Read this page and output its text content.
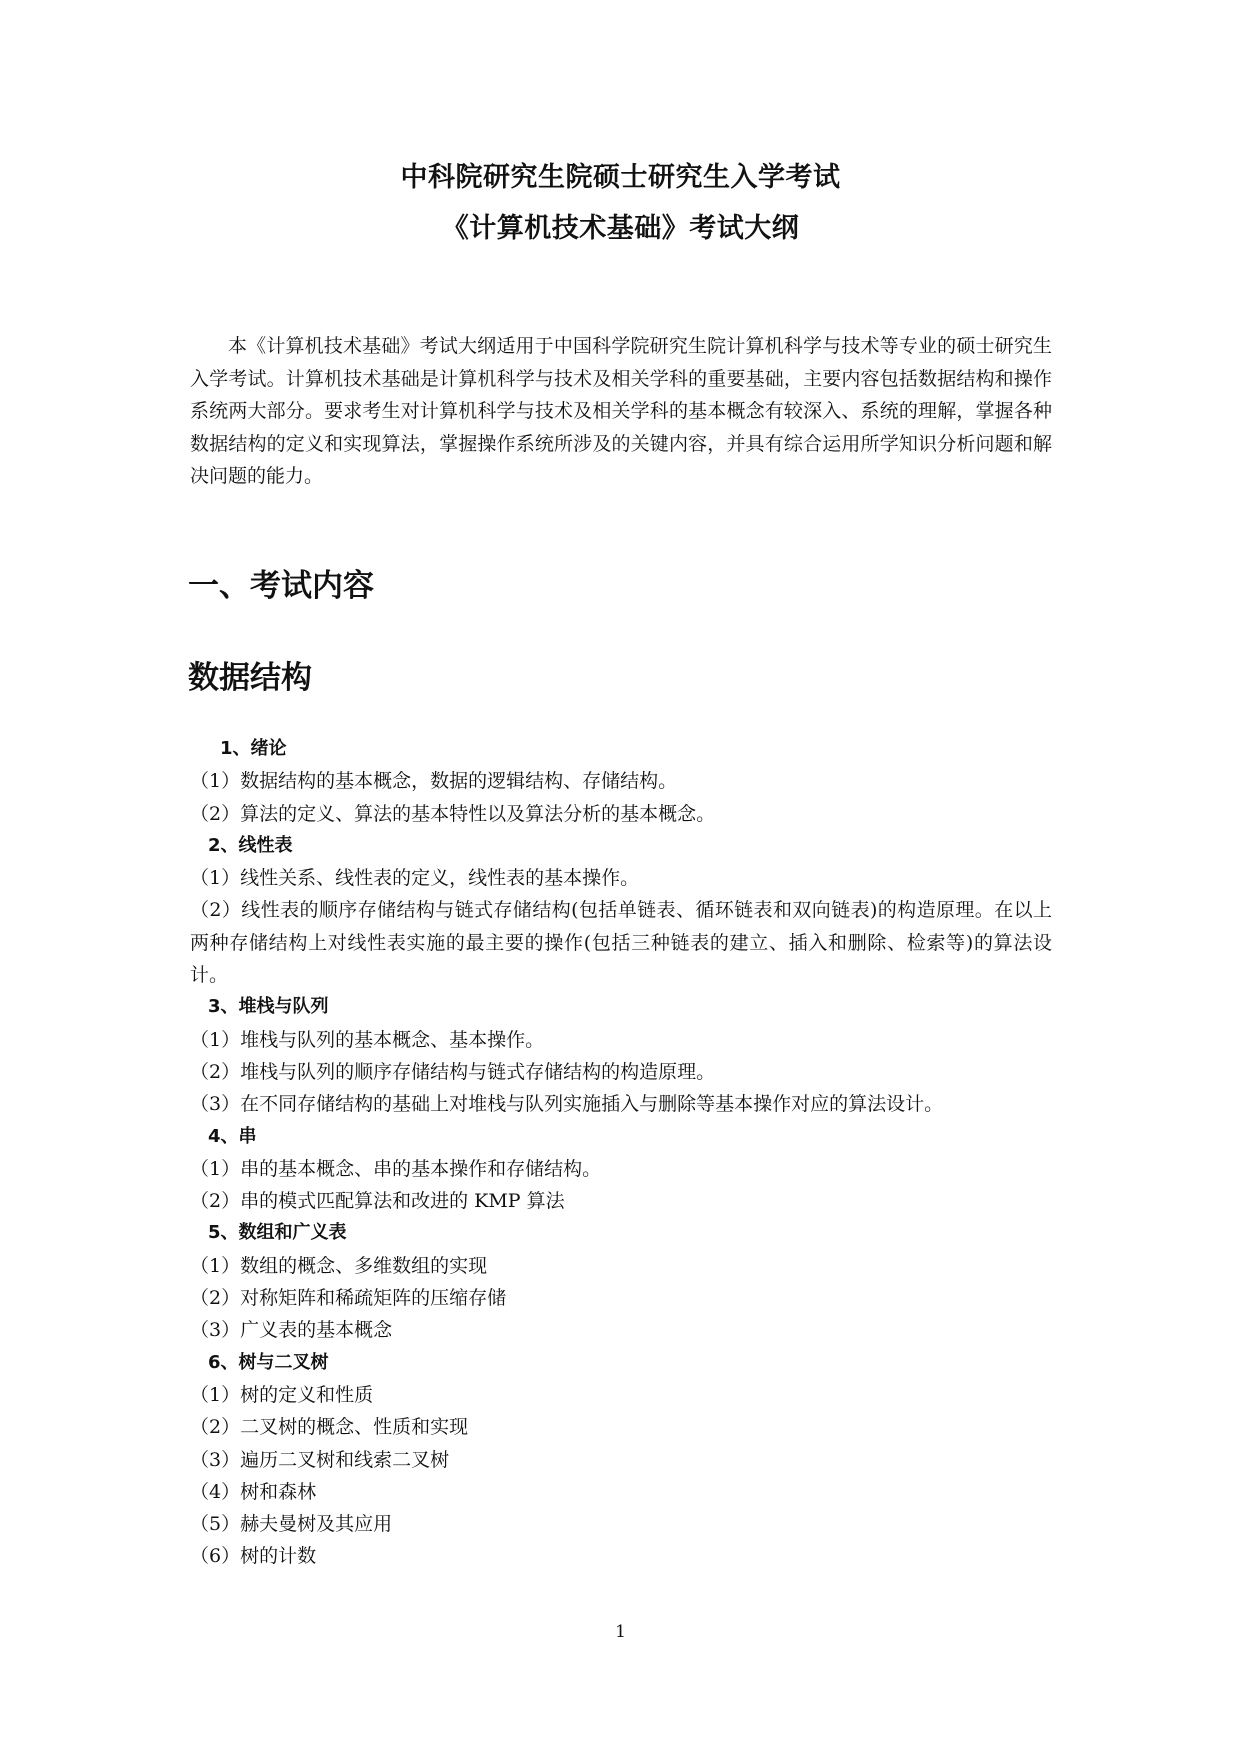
中科院研究生院硕士研究生入学考试
《计算机技术基础》考试大纲
本《计算机技术基础》考试大纲适用于中国科学院研究生院计算机科学与技术等专业的硕士研究生入学考试。计算机技术基础是计算机科学与技术及相关学科的重要基础，主要内容包括数据结构和操作系统两大部分。要求考生对计算机科学与技术及相关学科的基本概念有较深入、系统的理解，掌握各种数据结构的定义和实现算法，掌握操作系统所涉及的关键内容，并具有综合运用所学知识分析问题和解决问题的能力。
一、考试内容
数据结构
1、绪论
（1）数据结构的基本概念，数据的逻辑结构、存储结构。
（2）算法的定义、算法的基本特性以及算法分析的基本概念。
2、线性表
（1）线性关系、线性表的定义，线性表的基本操作。
（2）线性表的顺序存储结构与链式存储结构(包括单链表、循环链表和双向链表)的构造原理。在以上两种存储结构上对线性表实施的最主要的操作(包括三种链表的建立、插入和删除、检索等)的算法设计。
3、堆栈与队列
（1）堆栈与队列的基本概念、基本操作。
（2）堆栈与队列的顺序存储结构与链式存储结构的构造原理。
（3）在不同存储结构的基础上对堆栈与队列实施插入与删除等基本操作对应的算法设计。
4、串
（1）串的基本概念、串的基本操作和存储结构。
（2）串的模式匹配算法和改进的 KMP 算法
5、数组和广义表
（1）数组的概念、多维数组的实现
（2）对称矩阵和稀疏矩阵的压缩存储
（3）广义表的基本概念
6、树与二叉树
（1）树的定义和性质
（2）二叉树的概念、性质和实现
（3）遍历二叉树和线索二叉树
（4）树和森林
（5）赫夫曼树及其应用
（6）树的计数
1
